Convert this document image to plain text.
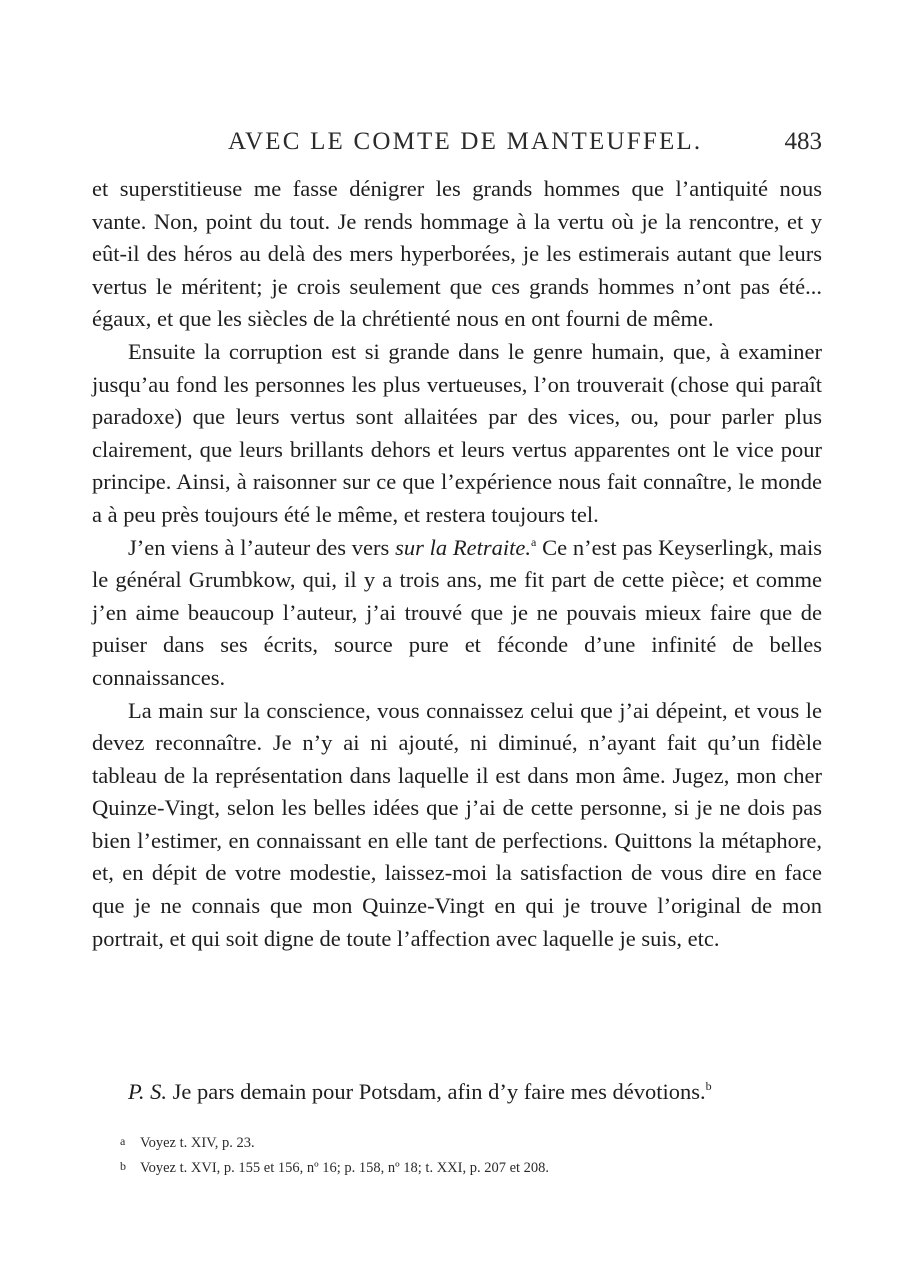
AVEC LE COMTE DE MANTEUFFEL.	483

et superstitieuse me fasse dénigrer les grands hommes que l’antiquité nous vante. Non, point du tout. Je rends hommage à la vertu où je la rencontre, et y eût-il des héros au delà des mers hyperborées, je les estimerais autant que leurs vertus le méritent; je crois seulement que ces grands hommes n’ont pas été... égaux, et que les siècles de la chrétienté nous en ont fourni de même.

Ensuite la corruption est si grande dans le genre humain, que, à examiner jusqu’au fond les personnes les plus vertueuses, l’on trouverait (chose qui paraît paradoxe) que leurs vertus sont allaitées par des vices, ou, pour parler plus clairement, que leurs brillants dehors et leurs vertus apparentes ont le vice pour principe. Ainsi, à raisonner sur ce que l’expérience nous fait connaître, le monde a à peu près toujours été le même, et restera toujours tel.

J’en viens à l’auteur des vers sur la Retraite.$^a$ Ce n’est pas Keyserlingk, mais le général Grumbkow, qui, il y a trois ans, me fit part de cette pièce; et comme j’en aime beaucoup l’auteur, j’ai trouvé que je ne pouvais mieux faire que de puiser dans ses écrits, source pure et féconde d’une infinité de belles connaissances.

La main sur la conscience, vous connaissez celui que j’ai dépeint, et vous le devez reconnaître. Je n’y ai ni ajouté, ni diminué, n’ayant fait qu’un fidèle tableau de la représentation dans laquelle il est dans mon âme. Jugez, mon cher Quinze-Vingt, selon les belles idées que j’ai de cette personne, si je ne dois pas bien l’estimer, en connaissant en elle tant de perfections. Quittons la métaphore, et, en dépit de votre modestie, laissez-moi la satisfaction de vous dire en face que je ne connais que mon Quinze-Vingt en qui je trouve l’original de mon portrait, et qui soit digne de toute l’affection avec laquelle je suis, etc.

P. S. Je pars demain pour Potsdam, afin d’y faire mes dévotions.$^b$
a Voyez t. XIV, p. 23.
b Voyez t. XVI, p. 155 et 156, nº 16; p. 158, nº 18; t. XXI, p. 207 et 208.
